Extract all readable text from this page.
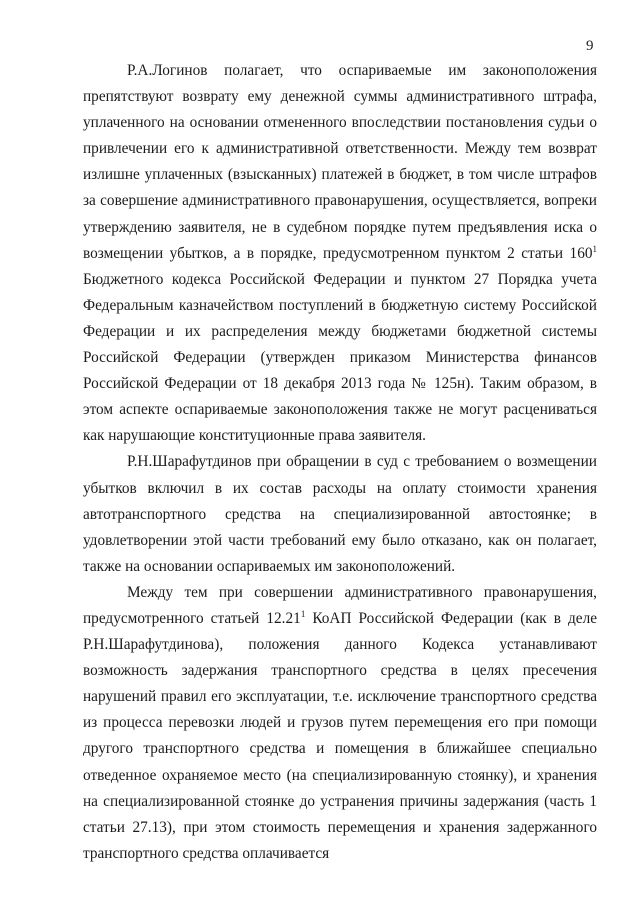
9

Р.А.Логинов полагает, что оспариваемые им законоположения препятствуют возврату ему денежной суммы административного штрафа, уплаченного на основании отмененного впоследствии постановления судьи о привлечении его к административной ответственности. Между тем возврат излишне уплаченных (взысканных) платежей в бюджет, в том числе штрафов за совершение административного правонарушения, осуществляется, вопреки утверждению заявителя, не в судебном порядке путем предъявления иска о возмещении убытков, а в порядке, предусмотренном пунктом 2 статьи $160^1$ Бюджетного кодекса Российской Федерации и пунктом 27 Порядка учета Федеральным казначейством поступлений в бюджетную систему Российской Федерации и их распределения между бюджетами бюджетной системы Российской Федерации (утвержден приказом Министерства финансов Российской Федерации от 18 декабря 2013 года № 125н). Таким образом, в этом аспекте оспариваемые законоположения также не могут расцениваться как нарушающие конституционные права заявителя.

Р.Н.Шарафутдинов при обращении в суд с требованием о возмещении убытков включил в их состав расходы на оплату стоимости хранения автотранспортного средства на специализированной автостоянке; в удовлетворении этой части требований ему было отказано, как он полагает, также на основании оспариваемых им законоположений.

Между тем при совершении административного правонарушения, предусмотренного статьей 12.21$^1$ КоАП Российской Федерации (как в деле Р.Н.Шарафутдинова), положения данного Кодекса устанавливают возможность задержания транспортного средства в целях пресечения нарушений правил его эксплуатации, т.е. исключение транспортного средства из процесса перевозки людей и грузов путем перемещения его при помощи другого транспортного средства и помещения в ближайшее специально отведенное охраняемое место (на специализированную стоянку), и хранения на специализированной стоянке до устранения причины задержания (часть 1 статьи 27.13), при этом стоимость перемещения и хранения задержанного транспортного средства оплачивается
